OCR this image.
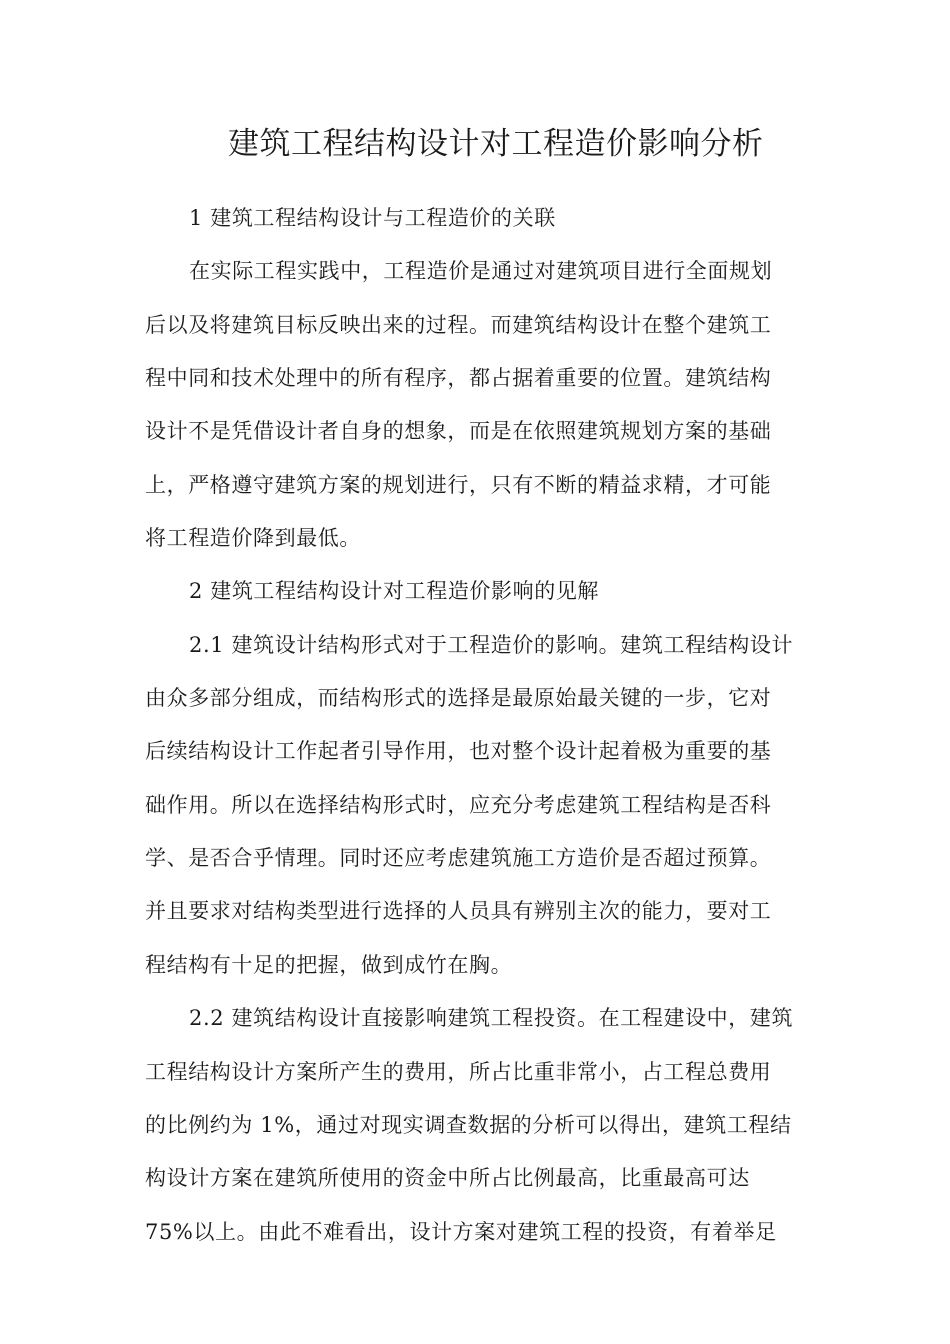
建筑工程结构设计对工程造价影响分析
1 建筑工程结构设计与工程造价的关联
在实际工程实践中，工程造价是通过对建筑项目进行全面规划
后以及将建筑目标反映出来的过程。而建筑结构设计在整个建筑工
程中同和技术处理中的所有程序，都占据着重要的位置。建筑结构
设计不是凭借设计者自身的想象，而是在依照建筑规划方案的基础
上，严格遵守建筑方案的规划进行，只有不断的精益求精，才可能
将工程造价降到最低。
2 建筑工程结构设计对工程造价影响的见解
2.1 建筑设计结构形式对于工程造价的影响。建筑工程结构设计
由众多部分组成，而结构形式的选择是最原始最关键的一步，它对
后续结构设计工作起者引导作用，也对整个设计起着极为重要的基
础作用。所以在选择结构形式时，应充分考虑建筑工程结构是否科
学、是否合乎情理。同时还应考虑建筑施工方造价是否超过预算。
并且要求对结构类型进行选择的人员具有辨别主次的能力，要对工
程结构有十足的把握，做到成竹在胸。
2.2 建筑结构设计直接影响建筑工程投资。在工程建设中，建筑
工程结构设计方案所产生的费用，所占比重非常小，占工程总费用
的比例约为 1%，通过对现实调查数据的分析可以得出，建筑工程结
构设计方案在建筑所使用的资金中所占比例最高，比重最高可达
75%以上。由此不难看出，设计方案对建筑工程的投资，有着举足
